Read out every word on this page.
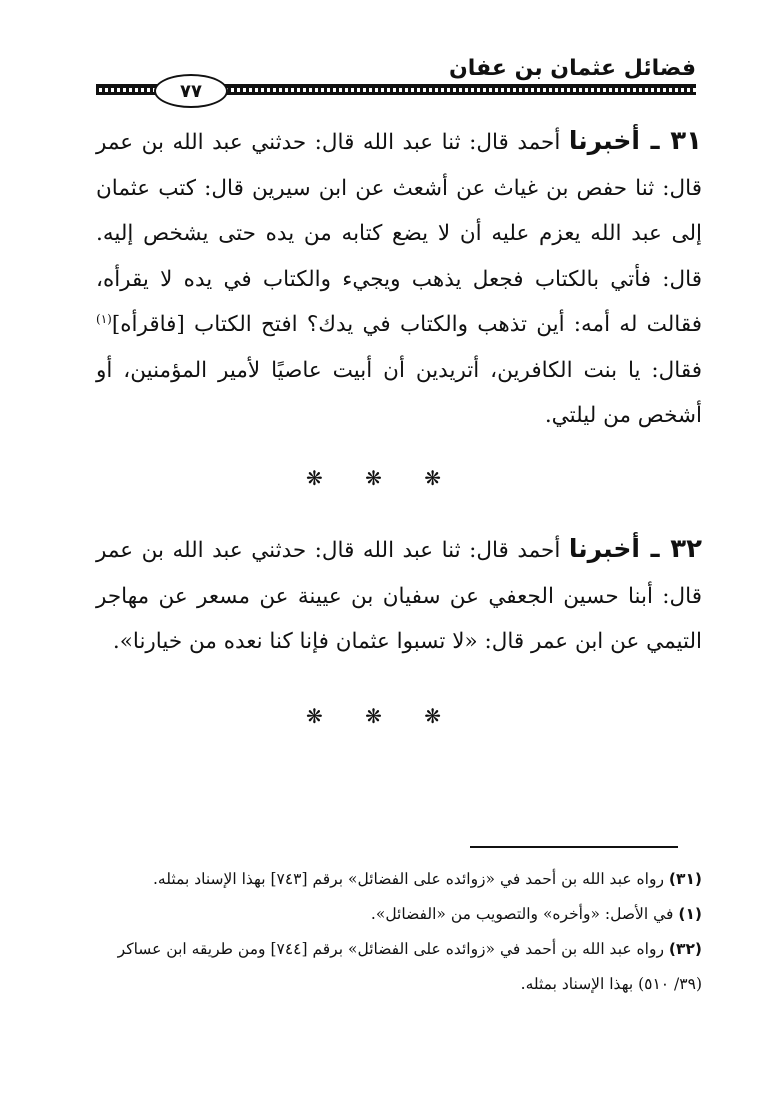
فضائل عثمان بن عفان
٧٧
٣١ ـ أخبرنا أحمد قال: ثنا عبد الله قال: حدثني عبد الله بن عمر قال: ثنا حفص بن غياث عن أشعث عن ابن سيرين قال: كتب عثمان إلى عبد الله يعزم عليه أن لا يضع كتابه من يده حتى يشخص إليه. قال: فأتي بالكتاب فجعل يذهب ويجيء والكتاب في يده لا يقرأه، فقالت له أمه: أين تذهب والكتاب في يدك؟ افتح الكتاب [فاقرأه]$^{(١)}$ فقال: يا بنت الكافرين، أتريدين أن أبيت عاصيًا لأمير المؤمنين، أو أشخص من ليلتي.
❋ ❋ ❋
٣٢ ـ أخبرنا أحمد قال: ثنا عبد الله قال: حدثني عبد الله بن عمر قال: أبنا حسين الجعفي عن سفيان بن عيينة عن مسعر عن مهاجر التيمي عن ابن عمر قال: «لا تسبوا عثمان فإنا كنا نعده من خيارنا».
❋ ❋ ❋
(٣١) رواه عبد الله بن أحمد في «زوائده على الفضائل» برقم [٧٤٣] بهذا الإسناد بمثله.
(١) في الأصل: «وأخره» والتصويب من «الفضائل».
(٣٢) رواه عبد الله بن أحمد في «زوائده على الفضائل» برقم [٧٤٤] ومن طريقه ابن عساكر (٣٩/ ٥١٠) بهذا الإسناد بمثله.
